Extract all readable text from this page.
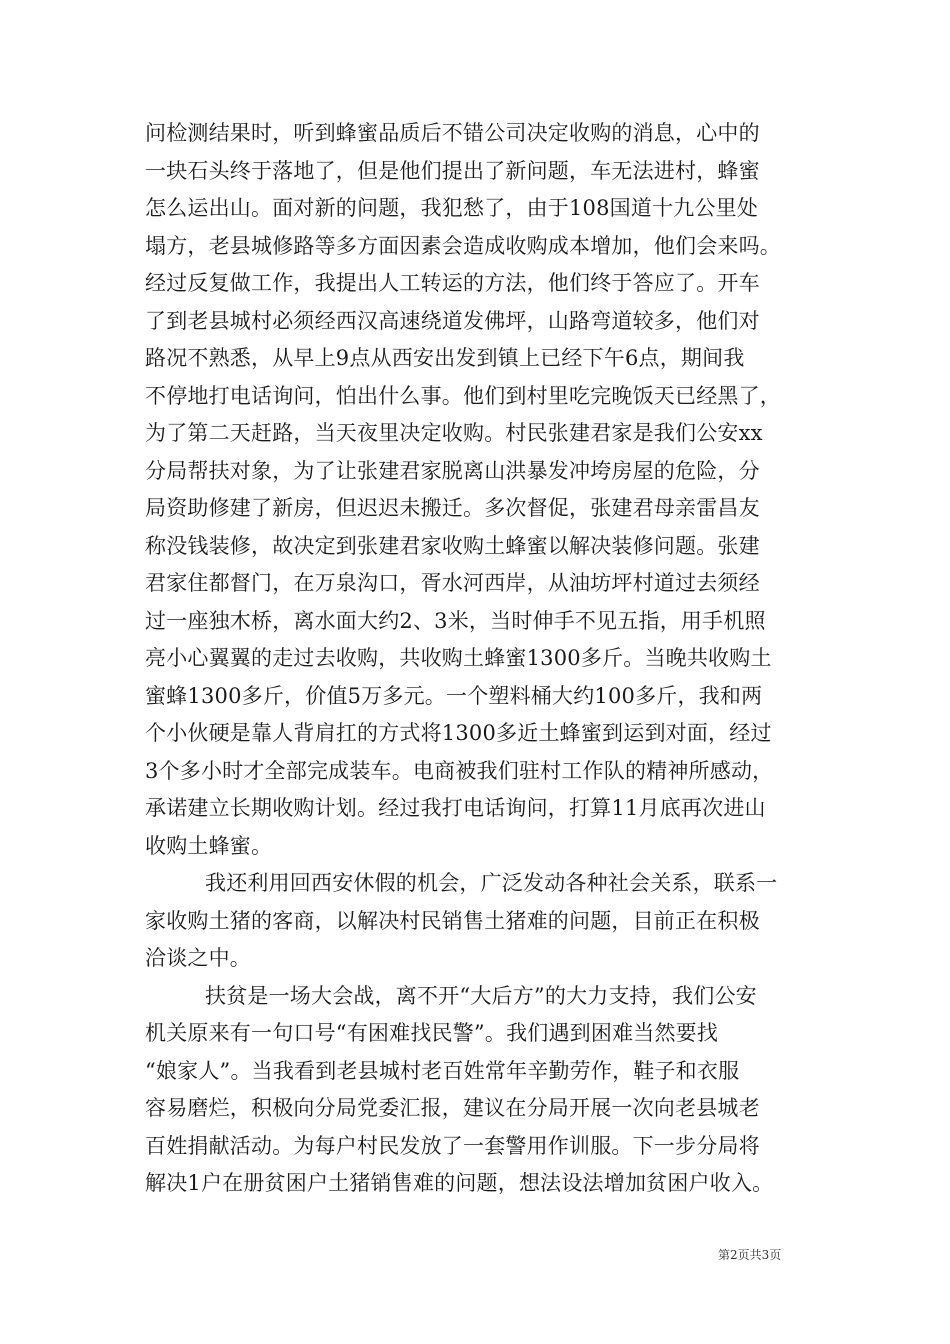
问检测结果时，听到蜂蜜品质后不错公司决定收购的消息，心中的
一块石头终于落地了，但是他们提出了新问题，车无法进村，蜂蜜
怎么运出山。面对新的问题，我犯愁了，由于108国道十九公里处
塌方，老县城修路等多方面因素会造成收购成本增加，他们会来吗。
经过反复做工作，我提出人工转运的方法，他们终于答应了。开车
了到老县城村必须经西汉高速绕道发佛坪，山路弯道较多，他们对
路况不熟悉，从早上9点从西安出发到镇上已经下午6点，期间我
不停地打电话询问，怕出什么事。他们到村里吃完晚饭天已经黑了，
为了第二天赶路，当天夜里决定收购。村民张建君家是我们公安xx
分局帮扶对象，为了让张建君家脱离山洪暴发冲垮房屋的危险，分
局资助修建了新房，但迟迟未搬迁。多次督促，张建君母亲雷昌友
称没钱装修，故决定到张建君家收购土蜂蜜以解决装修问题。张建
君家住都督门，在万泉沟口，胥水河西岸，从油坊坪村道过去须经
过一座独木桥，离水面大约2、3米，当时伸手不见五指，用手机照
亮小心翼翼的走过去收购，共收购土蜂蜜1300多斤。当晚共收购土
蜜蜂1300多斤，价值5万多元。一个塑料桶大约100多斤，我和两
个小伙硬是靠人背肩扛的方式将1300多近土蜂蜜到运到对面，经过
3个多小时才全部完成装车。电商被我们驻村工作队的精神所感动，
承诺建立长期收购计划。经过我打电话询问，打算11月底再次进山
收购土蜂蜜。
我还利用回西安休假的机会，广泛发动各种社会关系，联系一
家收购土猪的客商，以解决村民销售土猪难的问题，目前正在积极
洽谈之中。
扶贫是一场大会战，离不开“大后方”的大力支持，我们公安
机关原来有一句口号“有困难找民警”。我们遇到困难当然要找
“娘家人”。当我看到老县城村老百姓常年辛勤劳作，鞋子和衣服
容易磨烂，积极向分局党委汇报，建议在分局开展一次向老县城老
百姓捐献活动。为每户村民发放了一套警用作训服。下一步分局将
解决1户在册贫困户土猪销售难的问题，想法设法增加贫困户收入。
第2页共3页
